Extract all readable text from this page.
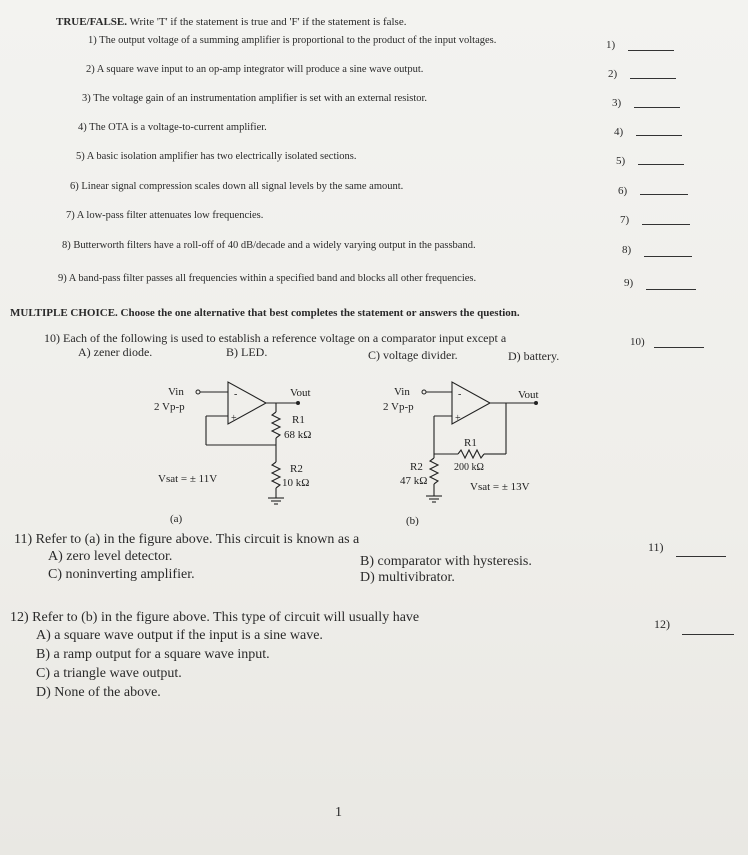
TRUE/FALSE. Write 'T' if the statement is true and 'F' if the statement is false.
1) The output voltage of a summing amplifier is proportional to the product of the input voltages.	1)
2) A square wave input to an op-amp integrator will produce a sine wave output.	2)
3) The voltage gain of an instrumentation amplifier is set with an external resistor.	3)
4) The OTA is a voltage-to-current amplifier.	4)
5) A basic isolation amplifier has two electrically isolated sections.	5)
6) Linear signal compression scales down all signal levels by the same amount.	6)
7) A low-pass filter attenuates low frequencies.	7)
8) Butterworth filters have a roll-off of 40 dB/decade and a widely varying output in the passband.	8)
9) A band-pass filter passes all frequencies within a specified band and blocks all other frequencies.	9)
MULTIPLE CHOICE. Choose the one alternative that best completes the statement or answers the question.
10) Each of the following is used to establish a reference voltage on a comparator input except a	10)
A) zener diode.	B) LED.	C) voltage divider.	D) battery.
Vin
2 Vp-p
-
+
Vout
R1
68 kΩ
R2
10 kΩ
Vsat = ± 11V
(a)
Vin
2 Vp-p
-
+
Vout
R1
200 kΩ
R2
47 kΩ	Vsat = ± 13V
(b)
11) Refer to (a) in the figure above. This circuit is known as a	11)
A) zero level detector.	B) comparator with hysteresis.
C) noninverting amplifier.	D) multivibrator.
12) Refer to (b) in the figure above. This type of circuit will usually have	12)
A) a square wave output if the input is a sine wave.
B) a ramp output for a square wave input.
C) a triangle wave output.
D) None of the above.
1
